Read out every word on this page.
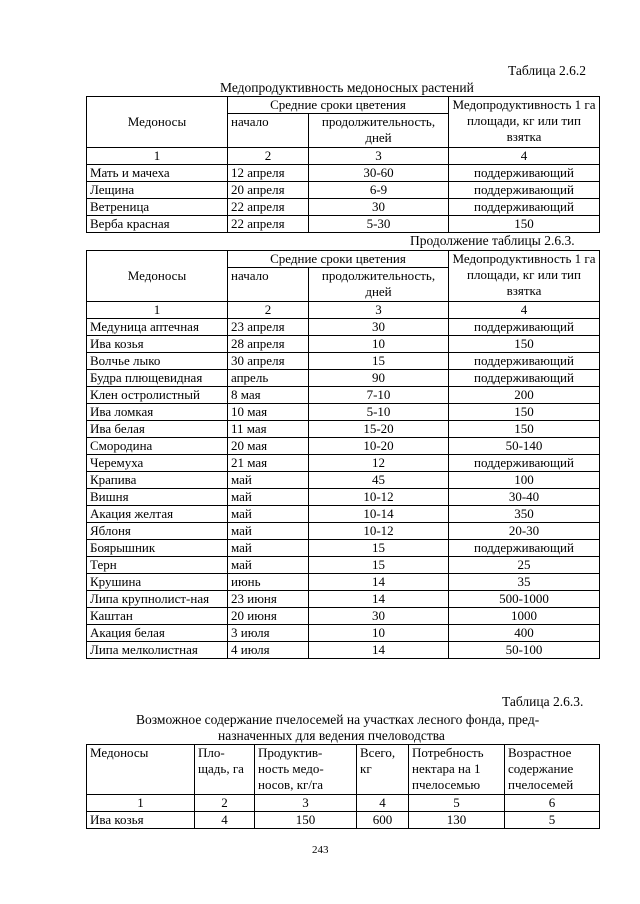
Таблица 2.6.2
Медопродуктивность медоносных растений
Медоносы	Средние сроки цветения		Медопродуктивность 1 га площади, кг или тип взятка
	начало	продолжительность, дней	
1	2	3	4
Мать и мачеха	12 апреля	30-60	поддерживающий
Лещина	20 апреля	6-9	поддерживающий
Ветреница	22 апреля	30	поддерживающий
Верба красная	22 апреля	5-30	150
Продолжение таблицы 2.6.3.
Медоносы	Средние сроки цветения		Медопродуктивность 1 га площади, кг или тип взятка
	начало	продолжительность, дней	
1	2	3	4
Медуница аптечная	23 апреля	30	поддерживающий
Ива козья	28 апреля	10	150
Волчье лыко	30 апреля	15	поддерживающий
Будра плющевидная	апрель	90	поддерживающий
Клен остролистный	8 мая	7-10	200
Ива ломкая	10 мая	5-10	150
Ива белая	11 мая	15-20	150
Смородина	20 мая	10-20	50-140
Черемуха	21 мая	12	поддерживающий
Крапива	май	45	100
Вишня	май	10-12	30-40
Акация желтая	май	10-14	350
Яблоня	май	10-12	20-30
Боярышник	май	15	поддерживающий
Терн	май	15	25
Крушина	июнь	14	35
Липа крупнолист-ная	23 июня	14	500-1000
Каштан	20 июня	30	1000
Акация белая	3 июля	10	400
Липа мелколистная	4 июля	14	50-100
Таблица 2.6.3.
Возможное содержание пчелосемей на участках лесного фонда, пред-
назначенных для ведения пчеловодства
Медоносы	Пло-щадь, га	Продуктив-ность медо-носов, кг/га	Всего, кг	Потребность нектара на 1 пчелосемью	Возрастное содержание пчелосемей
1	2	3	4	5	6
Ива козья	4	150	600	130	5
243
